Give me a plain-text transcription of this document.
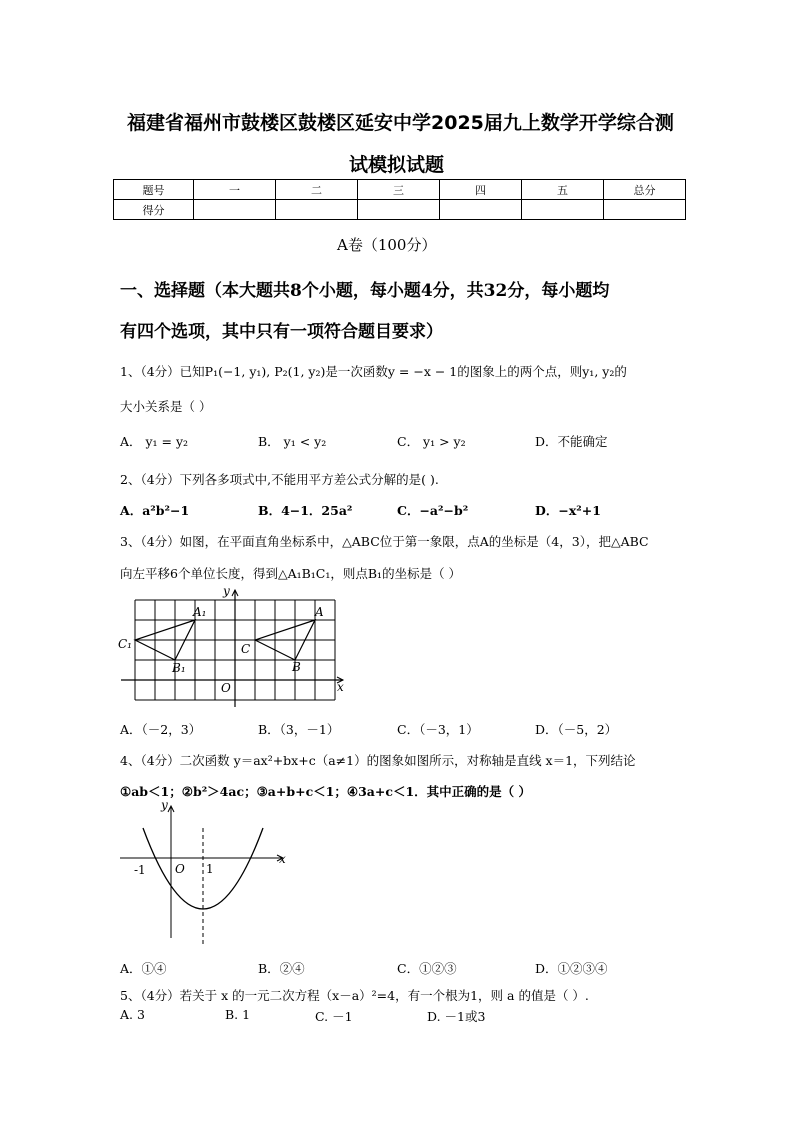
福建省福州市鼓楼区鼓楼区延安中学2025届九上数学开学综合测
试模拟试题
题号	一	二	三	四	五	总分
得分						
A卷（100分）
一、选择题（本大题共8个小题，每小题4分，共32分，每小题均
有四个选项，其中只有一项符合题目要求）
1、（4分）已知P₁(−1, y₁), P₂(1, y₂)是一次函数y = −x − 1的图象上的两个点，则y₁, y₂的
大小关系是（ ）
A． y₁ = y₂	B． y₁ < y₂	C． y₁ > y₂	D．不能确定
2、（4分）下列各多项式中,不能用平方差公式分解的是( ).
A．a²b²−1	B．4−1．25a²	C．−a²−b²	D．−x²+1
3、（4分）如图，在平面直角坐标系中，△ABC位于第一象限，点A的坐标是（4，3），把△ABC
向左平移6个单位长度，得到△A₁B₁C₁，则点B₁的坐标是（ ）
y
x
O
A
B
C
A₁
B₁
C₁
A．（－2，3）	B．（3，－1）	C．（－3，1）	D．（－5，2）
4、（4分）二次函数 y＝ax²+bx+c（a≠1）的图象如图所示，对称轴是直线 x＝1，下列结论
①ab＜1；②b²＞4ac；③a+b+c＜1；④3a+c＜1．其中正确的是（ ）
y
x
O
-1	1
A．①④	B．②④	C．①②③	D．①②③④
5、（4分）若关于 x 的一元二次方程（x－a）²=4，有一个根为1，则 a 的值是（ ）.
A. 3	B. 1	C. －1	D. －1或3
